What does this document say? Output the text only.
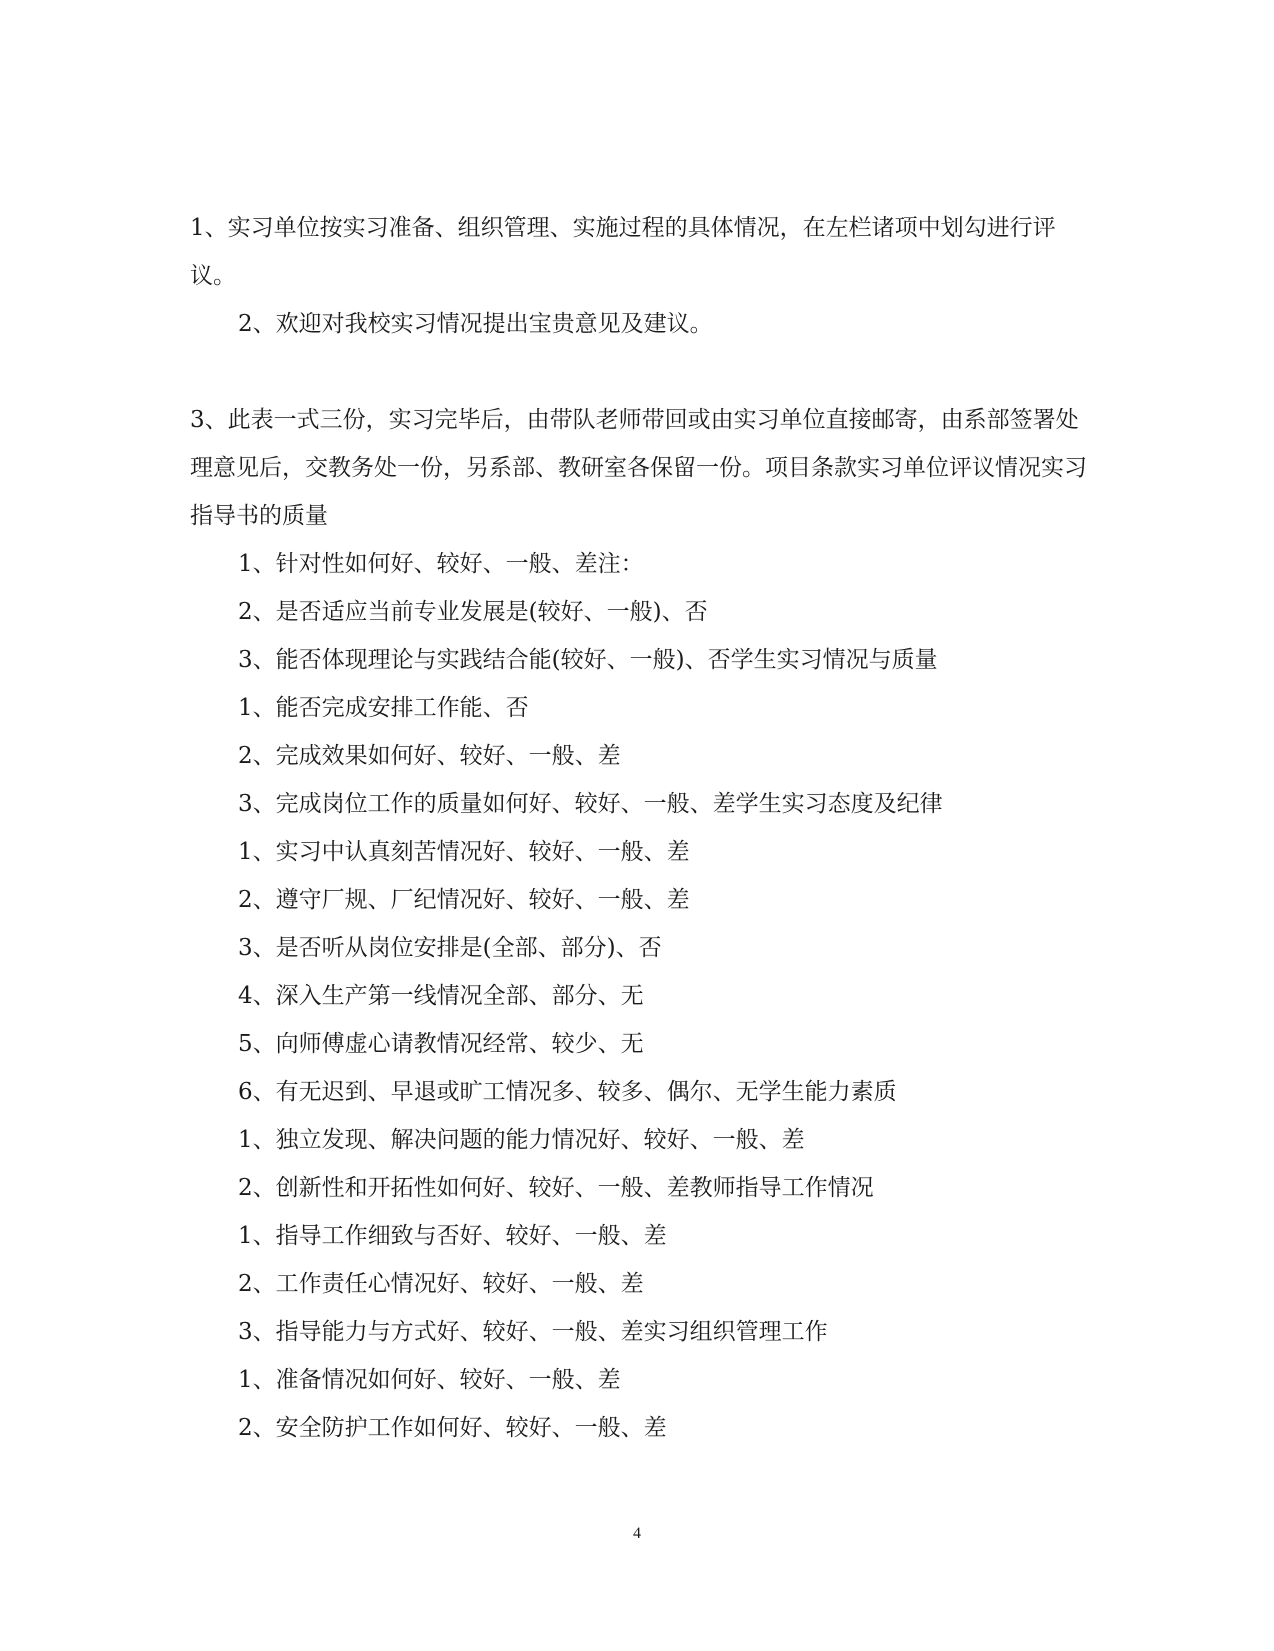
1、实习单位按实习准备、组织管理、实施过程的具体情况，在左栏诸项中划勾进行评议。

2、欢迎对我校实习情况提出宝贵意见及建议。

3、此表一式三份，实习完毕后，由带队老师带回或由实习单位直接邮寄，由系部签署处理意见后，交教务处一份，另系部、教研室各保留一份。项目条款实习单位评议情况实习指导书的质量

1、针对性如何好、较好、一般、差注：

2、是否适应当前专业发展是(较好、一般)、否

3、能否体现理论与实践结合能(较好、一般)、否学生实习情况与质量

1、能否完成安排工作能、否

2、完成效果如何好、较好、一般、差

3、完成岗位工作的质量如何好、较好、一般、差学生实习态度及纪律

1、实习中认真刻苦情况好、较好、一般、差

2、遵守厂规、厂纪情况好、较好、一般、差

3、是否听从岗位安排是(全部、部分)、否

4、深入生产第一线情况全部、部分、无

5、向师傅虚心请教情况经常、较少、无

6、有无迟到、早退或旷工情况多、较多、偶尔、无学生能力素质

1、独立发现、解决问题的能力情况好、较好、一般、差

2、创新性和开拓性如何好、较好、一般、差教师指导工作情况

1、指导工作细致与否好、较好、一般、差

2、工作责任心情况好、较好、一般、差

3、指导能力与方式好、较好、一般、差实习组织管理工作

1、准备情况如何好、较好、一般、差

2、安全防护工作如何好、较好、一般、差

4
